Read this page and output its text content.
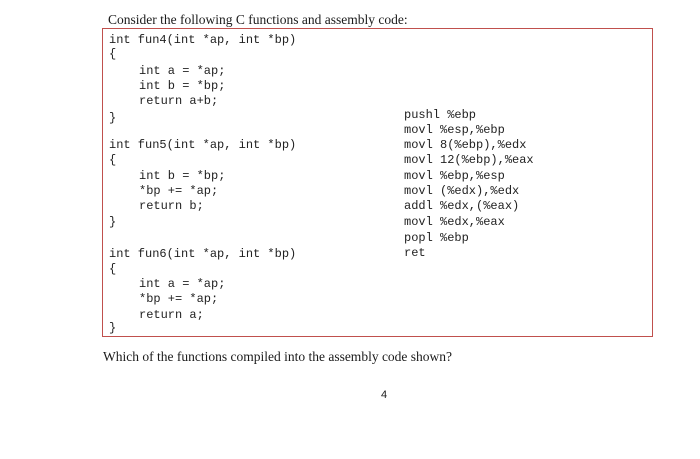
Consider the following C functions and assembly code:
int fun4(int *ap, int *bp)
{
int a = *ap;
int b = *bp;
return a+b;
}
int fun5(int *ap, int *bp)
{
int b = *bp;
*bp += *ap;
return b;
}
int fun6(int *ap, int *bp)
{
int a = *ap;
*bp += *ap;
return a;
}
pushl %ebp
movl %esp,%ebp
movl 8(%ebp),%edx
movl 12(%ebp),%eax
movl %ebp,%esp
movl (%edx),%edx
addl %edx,(%eax)
movl %edx,%eax
popl %ebp
ret
Which of the functions compiled into the assembly code shown?
4
